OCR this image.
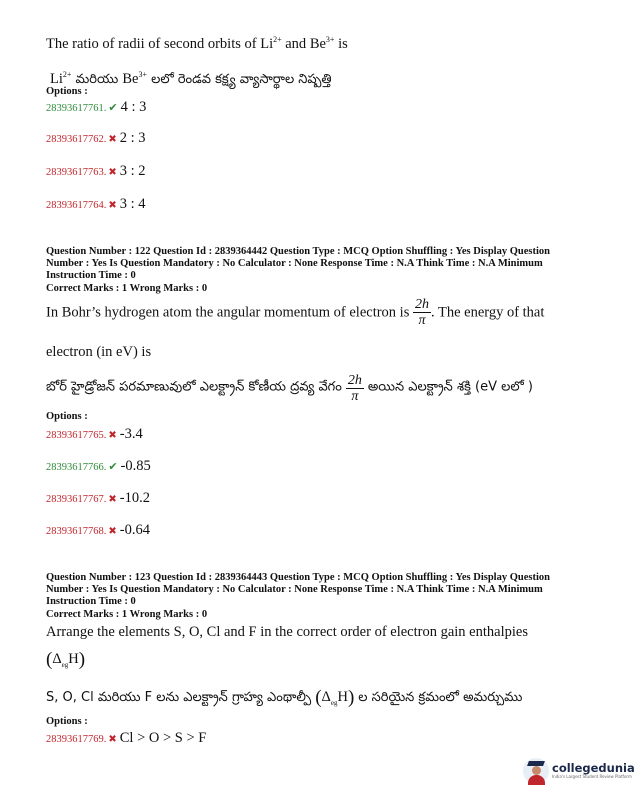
The ratio of radii of second orbits of $Li^{2+}$ and $Be^{3+}$ is
$Li^{2+}$ మరియు $Be^{3+}$ లలో రెండవ కక్ష్య వ్యాసార్థాల నిష్పత్తి
Options :
28393617761. ✔ 4 : 3
28393617762. ✖ 2 : 3
28393617763. ✖ 3 : 2
28393617764. ✖ 3 : 4
Question Number : 122 Question Id : 2839364442 Question Type : MCQ Option Shuffling : Yes Display Question Number : Yes Is Question Mandatory : No Calculator : None Response Time : N.A Think Time : N.A Minimum Instruction Time : 0
Correct Marks : 1 Wrong Marks : 0
In Bohr’s hydrogen atom the angular momentum of electron is $\frac{2h}{\pi}$ . The energy of that
electron (in eV) is
బోర్ హైడ్రోజన్ పరమాణువులో ఎలక్ట్రాన్ కోణీయ ద్రవ్య వేగం $\frac{2h}{\pi}$ అయిన ఎలక్ట్రాన్ శక్తి (eV లలో )
Options :
28393617765. ✖ -3.4
28393617766. ✔ -0.85
28393617767. ✖ -10.2
28393617768. ✖ -0.64
Question Number : 123 Question Id : 2839364443 Question Type : MCQ Option Shuffling : Yes Display Question Number : Yes Is Question Mandatory : No Calculator : None Response Time : N.A Think Time : N.A Minimum Instruction Time : 0
Correct Marks : 1 Wrong Marks : 0
Arrange the elements S, O, Cl and F in the correct order of electron gain enthalpies
$(\Delta_{eg}H)$
S, O, Cl మరియు F లను ఎలక్ట్రాన్ గ్రాహ్య ఎంథాల్పీ $(\Delta_{eg}H)$ ల సరియైన క్రమంలో అమర్చుము
Options :
28393617769. ✖ Cl > O > S > F
collegedunia
India's Largest Student Review Platform
